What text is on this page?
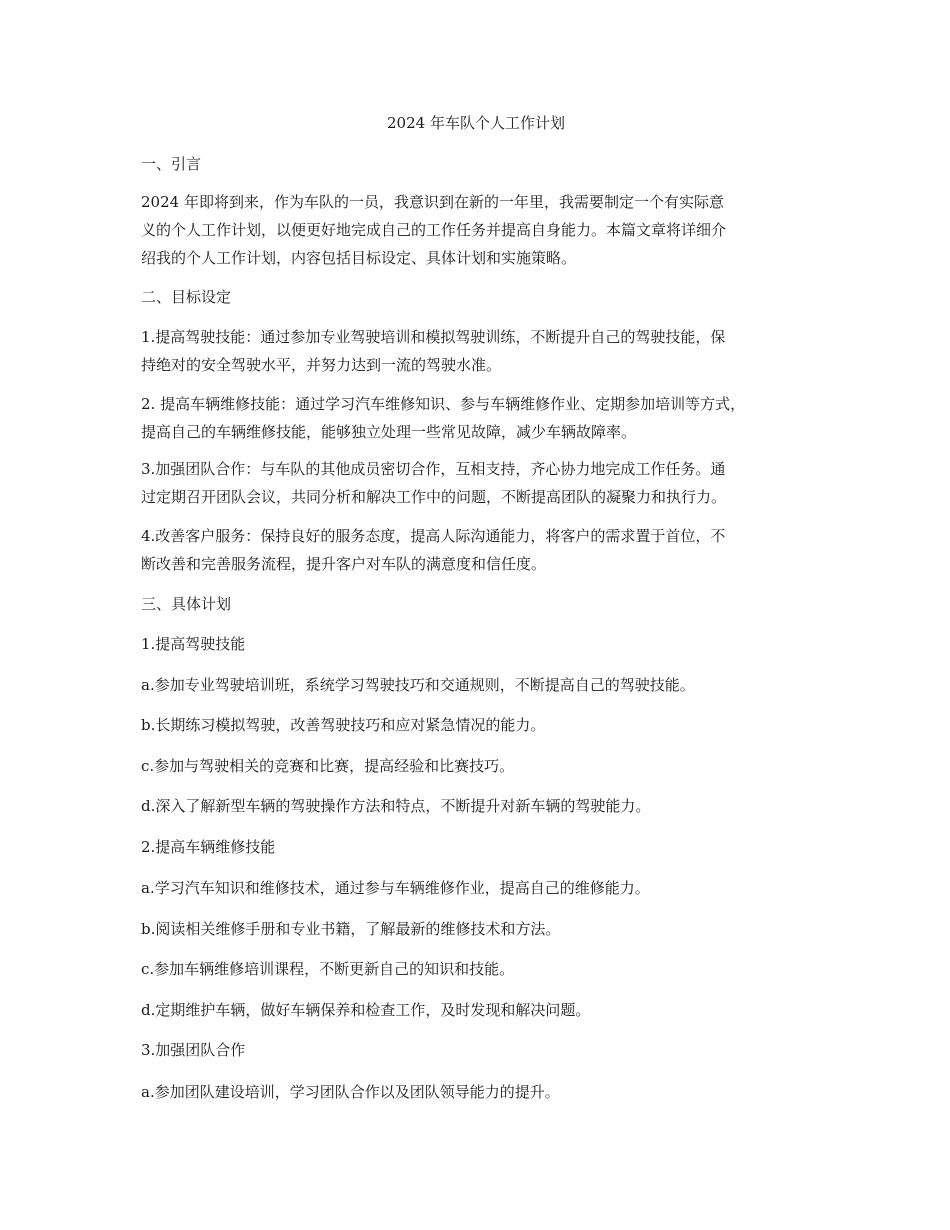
2024 年车队个人工作计划

一、引言

2024 年即将到来，作为车队的一员，我意识到在新的一年里，我需要制定一个有实际意
义的个人工作计划，以便更好地完成自己的工作任务并提高自身能力。本篇文章将详细介
绍我的个人工作计划，内容包括目标设定、具体计划和实施策略。

二、目标设定

1.提高驾驶技能：通过参加专业驾驶培训和模拟驾驶训练，不断提升自己的驾驶技能，保
持绝对的安全驾驶水平，并努力达到一流的驾驶水准。

2. 提高车辆维修技能：通过学习汽车维修知识、参与车辆维修作业、定期参加培训等方式，
提高自己的车辆维修技能，能够独立处理一些常见故障，减少车辆故障率。

3.加强团队合作：与车队的其他成员密切合作，互相支持，齐心协力地完成工作任务。通
过定期召开团队会议，共同分析和解决工作中的问题，不断提高团队的凝聚力和执行力。

4.改善客户服务：保持良好的服务态度，提高人际沟通能力，将客户的需求置于首位，不
断改善和完善服务流程，提升客户对车队的满意度和信任度。

三、具体计划

1.提高驾驶技能

a.参加专业驾驶培训班，系统学习驾驶技巧和交通规则，不断提高自己的驾驶技能。

b.长期练习模拟驾驶，改善驾驶技巧和应对紧急情况的能力。

c.参加与驾驶相关的竞赛和比赛，提高经验和比赛技巧。

d.深入了解新型车辆的驾驶操作方法和特点，不断提升对新车辆的驾驶能力。

2.提高车辆维修技能

a.学习汽车知识和维修技术，通过参与车辆维修作业，提高自己的维修能力。

b.阅读相关维修手册和专业书籍，了解最新的维修技术和方法。

c.参加车辆维修培训课程，不断更新自己的知识和技能。

d.定期维护车辆，做好车辆保养和检查工作，及时发现和解决问题。

3.加强团队合作

a.参加团队建设培训，学习团队合作以及团队领导能力的提升。
